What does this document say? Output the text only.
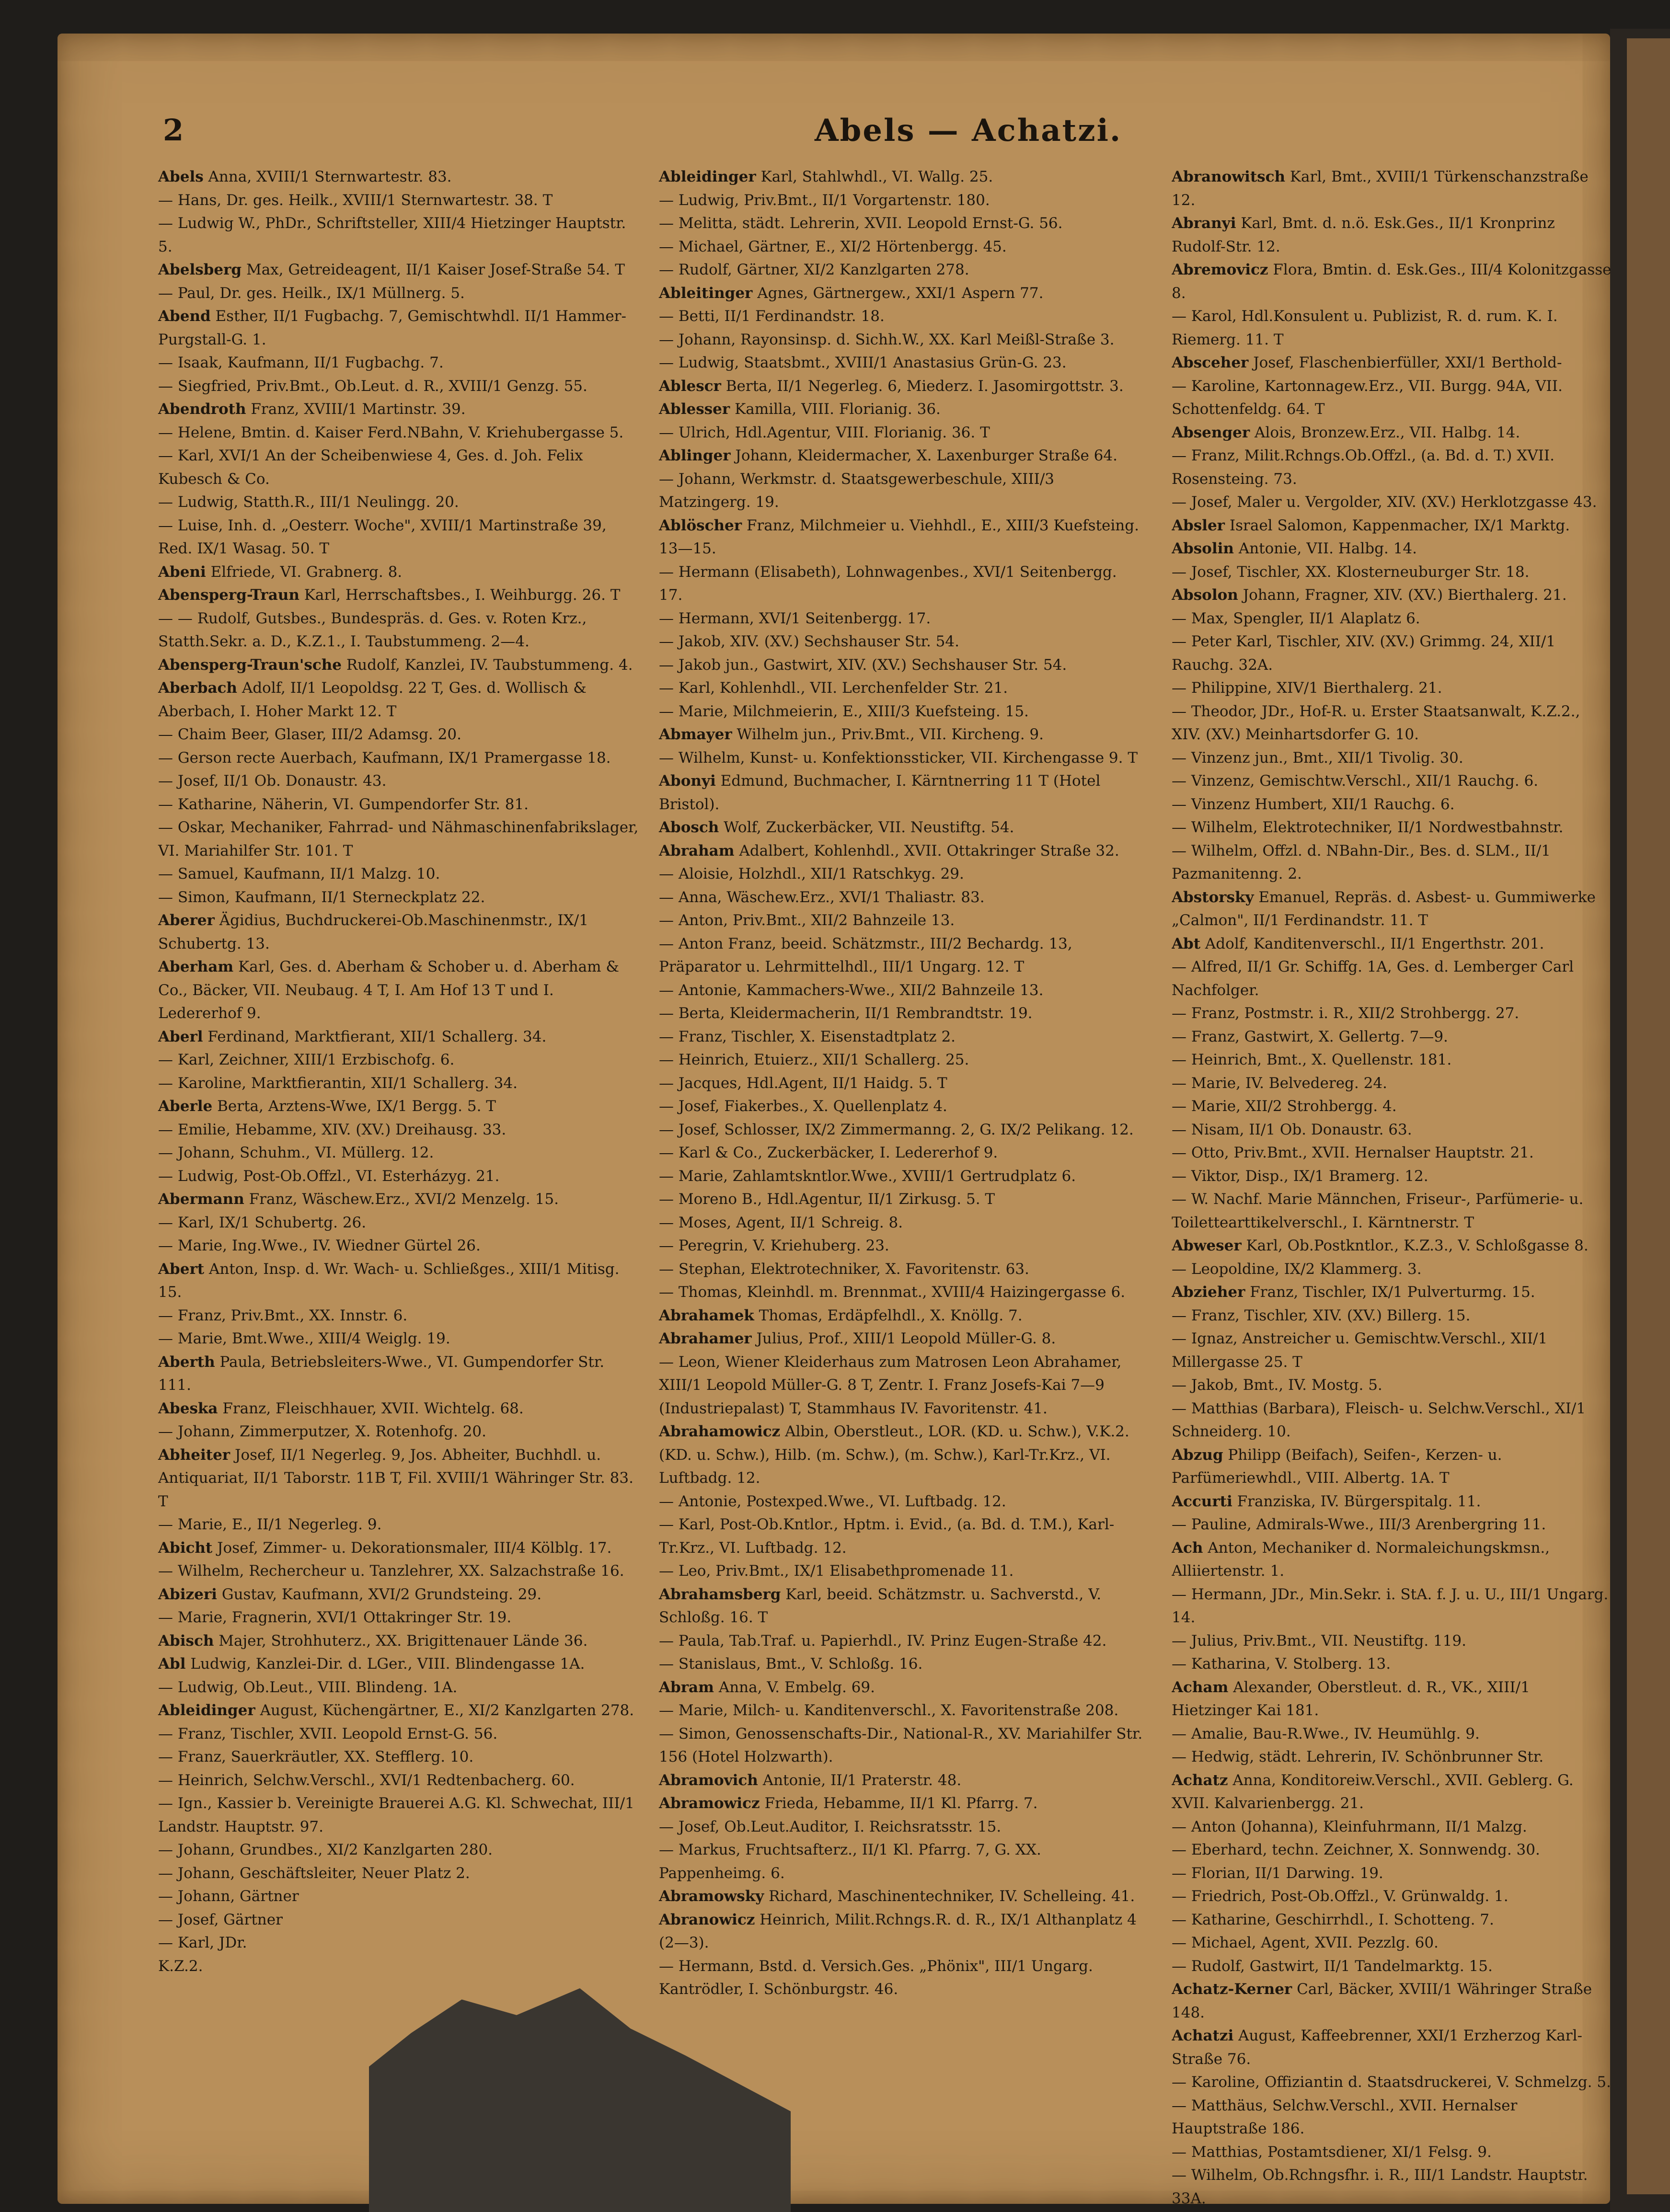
2	Abels — Achatzi.

Abels Anna, XVIII/1 Sternwartestr. 83.

— Hans, Dr. ges. Heilk., XVIII/1 Sternwartestr. 38. T

— Ludwig W., PhDr., Schriftsteller, XIII/4 Hietzinger Hauptstr. 5.

Abelsberg Max, Getreideagent, II/1 Kaiser Josef-Straße 54. T

— Paul, Dr. ges. Heilk., IX/1 Müllnerg. 5.

Abend Esther, II/1 Fugbachg. 7, Gemischtwhdl. II/1 Hammer-Purgstall-G. 1.

— Isaak, Kaufmann, II/1 Fugbachg. 7.

— Siegfried, Priv.Bmt., Ob.Leut. d. R., XVIII/1 Genzg. 55.

Abendroth Franz, XVIII/1 Martinstr. 39.

— Helene, Bmtin. d. Kaiser Ferd.NBahn, V. Kriehubergasse 5.

— Karl, XVI/1 An der Scheibenwiese 4, Ges. d. Joh. Felix Kubesch & Co.

— Ludwig, Statth.R., III/1 Neulingg. 20.

— Luise, Inh. d. „Oesterr. Woche", XVIII/1 Martinstraße 39, Red. IX/1 Wasag. 50. T

Abeni Elfriede, VI. Grabnerg. 8.

Abensperg-Traun Karl, Herrschaftsbes., I. Weihburgg. 26. T

— — Rudolf, Gutsbes., Bundespräs. d. Ges. v. Roten Krz., Statth.Sekr. a. D., K.Z.1., I. Taubstummeng. 2—4.

Abensperg-Traun'sche Rudolf, Kanzlei, IV. Taubstummeng. 4.

Aberbach Adolf, II/1 Leopoldsg. 22 T, Ges. d. Wollisch & Aberbach, I. Hoher Markt 12. T

— Chaim Beer, Glaser, III/2 Adamsg. 20.

— Gerson recte Auerbach, Kaufmann, IX/1 Pramergasse 18.

— Josef, II/1 Ob. Donaustr. 43.

— Katharine, Näherin, VI. Gumpendorfer Str. 81.

— Oskar, Mechaniker, Fahrrad- und Nähmaschinenfabrikslager, VI. Mariahilfer Str. 101. T

— Samuel, Kaufmann, II/1 Malzg. 10.

— Simon, Kaufmann, II/1 Sterneckplatz 22.

Aberer Ägidius, Buchdruckerei-Ob.Maschinenmstr., IX/1 Schubertg. 13.

Aberham Karl, Ges. d. Aberham & Schober u. d. Aberham & Co., Bäcker, VII. Neubaug. 4 T, I. Am Hof 13 T und I. Ledererhof 9.

Aberl Ferdinand, Marktfierant, XII/1 Schallerg. 34.

— Karl, Zeichner, XIII/1 Erzbischofg. 6.

— Karoline, Marktfierantin, XII/1 Schallerg. 34.

Aberle Berta, Arztens-Wwe, IX/1 Bergg. 5. T

— Emilie, Hebamme, XIV. (XV.) Dreihausg. 33.

— Johann, Schuhm., VI. Müllerg. 12.

— Ludwig, Post-Ob.Offzl., VI. Esterházyg. 21.

Abermann Franz, Wäschew.Erz., XVI/2 Menzelg. 15.

— Karl, IX/1 Schubertg. 26.

— Marie, Ing.Wwe., IV. Wiedner Gürtel 26.

Abert Anton, Insp. d. Wr. Wach- u. Schließges., XIII/1 Mitisg. 15.

— Franz, Priv.Bmt., XX. Innstr. 6.

— Marie, Bmt.Wwe., XIII/4 Weiglg. 19.

Aberth Paula, Betriebsleiters-Wwe., VI. Gumpendorfer Str. 111.

Abeska Franz, Fleischhauer, XVII. Wichtelg. 68.

— Johann, Zimmerputzer, X. Rotenhofg. 20.

Abheiter Josef, II/1 Negerleg. 9, Jos. Abheiter, Buchhdl. u. Antiquariat, II/1 Taborstr. 11B T, Fil. XVIII/1 Währinger Str. 83. T

— Marie, E., II/1 Negerleg. 9.

Abicht Josef, Zimmer- u. Dekorationsmaler, III/4 Kölblg. 17.

— Wilhelm, Rechercheur u. Tanzlehrer, XX. Salzachstraße 16.

Abizeri Gustav, Kaufmann, XVI/2 Grundsteing. 29.

— Marie, Fragnerin, XVI/1 Ottakringer Str. 19.

Abisch Majer, Strohhuterz., XX. Brigittenauer Lände 36.

Abl Ludwig, Kanzlei-Dir. d. LGer., VIII. Blindengasse 1A.

— Ludwig, Ob.Leut., VIII. Blindeng. 1A.

Ableidinger August, Küchengärtner, E., XI/2 Kanzlgarten 278.

— Franz, Tischler, XVII. Leopold Ernst-G. 56.

— Franz, Sauerkräutler, XX. Stefflerg. 10.

— Heinrich, Selchw.Verschl., XVI/1 Redtenbacherg. 60.

— Ign., Kassier b. Vereinigte Brauerei A.G. Kl. Schwechat, III/1 Landstr. Hauptstr. 97.

— Johann, Grundbes., XI/2 Kanzlgarten 280.

— Johann, Geschäftsleiter, Neuer Platz 2.

— Johann, Gärtner

— Josef, Gärtner

— Karl, JDr.

K.Z.2.

Ableidinger Karl, Stahlwhdl., VI. Wallg. 25.

— Ludwig, Priv.Bmt., II/1 Vorgartenstr. 180.

— Melitta, städt. Lehrerin, XVII. Leopold Ernst-G. 56.

— Michael, Gärtner, E., XI/2 Hörtenbergg. 45.

— Rudolf, Gärtner, XI/2 Kanzlgarten 278.

Ableitinger Agnes, Gärtnergew., XXI/1 Aspern 77.

— Betti, II/1 Ferdinandstr. 18.

— Johann, Rayonsinsp. d. Sichh.W., XX. Karl Meißl-Straße 3.

— Ludwig, Staatsbmt., XVIII/1 Anastasius Grün-G. 23.

Ablescr Berta, II/1 Negerleg. 6, Miederz. I. Jasomirgottstr. 3.

Ablesser Kamilla, VIII. Florianig. 36.

— Ulrich, Hdl.Agentur, VIII. Florianig. 36. T

Ablinger Johann, Kleidermacher, X. Laxenburger Straße 64.

— Johann, Werkmstr. d. Staatsgewerbeschule, XIII/3 Matzingerg. 19.

Ablöscher Franz, Milchmeier u. Viehhdl., E., XIII/3 Kuefsteing. 13—15.

— Hermann (Elisabeth), Lohnwagenbes., XVI/1 Seitenbergg. 17.

— Hermann, XVI/1 Seitenbergg. 17.

— Jakob, XIV. (XV.) Sechshauser Str. 54.

— Jakob jun., Gastwirt, XIV. (XV.) Sechshauser Str. 54.

— Karl, Kohlenhdl., VII. Lerchenfelder Str. 21.

— Marie, Milchmeierin, E., XIII/3 Kuefsteing. 15.

Abmayer Wilhelm jun., Priv.Bmt., VII. Kircheng. 9.

— Wilhelm, Kunst- u. Konfektionssticker, VII. Kirchengasse 9. T

Abonyi Edmund, Buchmacher, I. Kärntnerring 11 T (Hotel Bristol).

Abosch Wolf, Zuckerbäcker, VII. Neustiftg. 54.

Abraham Adalbert, Kohlenhdl., XVII. Ottakringer Straße 32.

— Aloisie, Holzhdl., XII/1 Ratschkyg. 29.

— Anna, Wäschew.Erz., XVI/1 Thaliastr. 83.

— Anton, Priv.Bmt., XII/2 Bahnzeile 13.

— Anton Franz, beeid. Schätzmstr., III/2 Bechardg. 13, Präparator u. Lehrmittelhdl., III/1 Ungarg. 12. T

— Antonie, Kammachers-Wwe., XII/2 Bahnzeile 13.

— Berta, Kleidermacherin, II/1 Rembrandtstr. 19.

— Franz, Tischler, X. Eisenstadtplatz 2.

— Heinrich, Etuierz., XII/1 Schallerg. 25.

— Jacques, Hdl.Agent, II/1 Haidg. 5. T

— Josef, Fiakerbes., X. Quellenplatz 4.

— Josef, Schlosser, IX/2 Zimmermanng. 2, G. IX/2 Pelikang. 12.

— Karl & Co., Zuckerbäcker, I. Ledererhof 9.

— Marie, Zahlamtskntlor.Wwe., XVIII/1 Gertrudplatz 6.

— Moreno B., Hdl.Agentur, II/1 Zirkusg. 5. T

— Moses, Agent, II/1 Schreig. 8.

— Peregrin, V. Kriehuberg. 23.

— Stephan, Elektrotechniker, X. Favoritenstr. 63.

— Thomas, Kleinhdl. m. Brennmat., XVIII/4 Haizingergasse 6.

Abrahamek Thomas, Erdäpfelhdl., X. Knöllg. 7.

Abrahamer Julius, Prof., XIII/1 Leopold Müller-G. 8.

— Leon, Wiener Kleiderhaus zum Matrosen Leon Abrahamer, XIII/1 Leopold Müller-G. 8 T, Zentr. I. Franz Josefs-Kai 7—9 (Industriepalast) T, Stammhaus IV. Favoritenstr. 41.

Abrahamowicz Albin, Oberstleut., LOR. (KD. u. Schw.), V.K.2. (KD. u. Schw.), Hilb. (m. Schw.), (m. Schw.), Karl-Tr.Krz., VI. Luftbadg. 12.

— Antonie, Postexped.Wwe., VI. Luftbadg. 12.

— Karl, Post-Ob.Kntlor., Hptm. i. Evid., (a. Bd. d. T.M.), Karl-Tr.Krz., VI. Luftbadg. 12.

— Leo, Priv.Bmt., IX/1 Elisabethpromenade 11.

Abrahamsberg Karl, beeid. Schätzmstr. u. Sachverstd., V. Schloßg. 16. T

— Paula, Tab.Traf. u. Papierhdl., IV. Prinz Eugen-Straße 42.

— Stanislaus, Bmt., V. Schloßg. 16.

Abram Anna, V. Embelg. 69.

— Marie, Milch- u. Kanditenverschl., X. Favoritenstraße 208.

— Simon, Genossenschafts-Dir., National-R., XV. Mariahilfer Str. 156 (Hotel Holzwarth).

Abramovich Antonie, II/1 Praterstr. 48.

Abramowicz Frieda, Hebamme, II/1 Kl. Pfarrg. 7.

— Josef, Ob.Leut.Auditor, I. Reichsratsstr. 15.

— Markus, Fruchtsafterz., II/1 Kl. Pfarrg. 7, G. XX. Pappenheimg. 6.

Abramowsky Richard, Maschinentechniker, IV. Schelleing. 41.

Abranowicz Heinrich, Milit.Rchngs.R. d. R., IX/1 Althanplatz 4 (2—3).

— Hermann, Bstd. d. Versich.Ges. „Phönix", III/1 Ungarg.

Kantrödler, I. Schönburgstr. 46.

Abranowitsch Karl, Bmt., XVIII/1 Türkenschanzstraße 12.

Abranyi Karl, Bmt. d. n.ö. Esk.Ges., II/1 Kronprinz Rudolf-Str. 12.

Abremovicz Flora, Bmtin. d. Esk.Ges., III/4 Kolonitzgasse 8.

— Karol, Hdl.Konsulent u. Publizist, R. d. rum. K. I. Riemerg. 11. T

Absceher Josef, Flaschenbierfüller, XXI/1 Berthold-

— Karoline, Kartonnagew.Erz., VII. Burgg. 94A, VII. Schottenfeldg. 64. T

Absenger Alois, Bronzew.Erz., VII. Halbg. 14.

— Franz, Milit.Rchngs.Ob.Offzl., (a. Bd. d. T.) XVII. Rosensteing. 73.

— Josef, Maler u. Vergolder, XIV. (XV.) Herklotzgasse 43.

Absler Israel Salomon, Kappenmacher, IX/1 Marktg.

Absolin Antonie, VII. Halbg. 14.

— Josef, Tischler, XX. Klosterneuburger Str. 18.

Absolon Johann, Fragner, XIV. (XV.) Bierthalerg. 21.

— Max, Spengler, II/1 Alaplatz 6.

— Peter Karl, Tischler, XIV. (XV.) Grimmg. 24, XII/1 Rauchg. 32A.

— Philippine, XIV/1 Bierthalerg. 21.

— Theodor, JDr., Hof-R. u. Erster Staatsanwalt, K.Z.2., XIV. (XV.) Meinhartsdorfer G. 10.

— Vinzenz jun., Bmt., XII/1 Tivolig. 30.

— Vinzenz, Gemischtw.Verschl., XII/1 Rauchg. 6.

— Vinzenz Humbert, XII/1 Rauchg. 6.

— Wilhelm, Elektrotechniker, II/1 Nordwestbahnstr.

— Wilhelm, Offzl. d. NBahn-Dir., Bes. d. SLM., II/1 Pazmanitenng. 2.

Abstorsky Emanuel, Repräs. d. Asbest- u. Gummiwerke „Calmon", II/1 Ferdinandstr. 11. T

Abt Adolf, Kanditenverschl., II/1 Engerthstr. 201.

— Alfred, II/1 Gr. Schiffg. 1A, Ges. d. Lemberger Carl Nachfolger.

— Franz, Postmstr. i. R., XII/2 Strohbergg. 27.

— Franz, Gastwirt, X. Gellertg. 7—9.

— Heinrich, Bmt., X. Quellenstr. 181.

— Marie, IV. Belvedereg. 24.

— Marie, XII/2 Strohbergg. 4.

— Nisam, II/1 Ob. Donaustr. 63.

— Otto, Priv.Bmt., XVII. Hernalser Hauptstr. 21.

— Viktor, Disp., IX/1 Bramerg. 12.

— W. Nachf. Marie Männchen, Friseur-, Parfümerie- u. Toilettearttikelverschl., I. Kärntnerstr. T

Abweser Karl, Ob.Postkntlor., K.Z.3., V. Schloßgasse 8.

— Leopoldine, IX/2 Klammerg. 3.

Abzieher Franz, Tischler, IX/1 Pulverturmg. 15.

— Franz, Tischler, XIV. (XV.) Billerg. 15.

— Ignaz, Anstreicher u. Gemischtw.Verschl., XII/1 Millergasse 25. T

— Jakob, Bmt., IV. Mostg. 5.

— Matthias (Barbara), Fleisch- u. Selchw.Verschl., XI/1 Schneiderg. 10.

Abzug Philipp (Beifach), Seifen-, Kerzen- u. Parfümeriewhdl., VIII. Albertg. 1A. T

Accurti Franziska, IV. Bürgerspitalg. 11.

— Pauline, Admirals-Wwe., III/3 Arenbergring 11.

Ach Anton, Mechaniker d. Normaleichungskmsn., Alliiertenstr. 1.

— Hermann, JDr., Min.Sekr. i. StA. f. J. u. U., III/1 Ungarg. 14.

— Julius, Priv.Bmt., VII. Neustiftg. 119.

— Katharina, V. Stolberg. 13.

Acham Alexander, Oberstleut. d. R., VK., XIII/1 Hietzinger Kai 181.

— Amalie, Bau-R.Wwe., IV. Heumühlg. 9.

— Hedwig, städt. Lehrerin, IV. Schönbrunner Str.

Achatz Anna, Konditoreiw.Verschl., XVII. Geblerg. G. XVII. Kalvarienbergg. 21.

— Anton (Johanna), Kleinfuhrmann, II/1 Malzg.

— Eberhard, techn. Zeichner, X. Sonnwendg. 30.

— Florian, II/1 Darwing. 19.

— Friedrich, Post-Ob.Offzl., V. Grünwaldg. 1.

— Katharine, Geschirrhdl., I. Schotteng. 7.

— Michael, Agent, XVII. Pezzlg. 60.

— Rudolf, Gastwirt, II/1 Tandelmarktg. 15.

Achatz-Kerner Carl, Bäcker, XVIII/1 Währinger Straße 148.

Achatzi August, Kaffeebrenner, XXI/1 Erzherzog Karl-Straße 76.

— Karoline, Offiziantin d. Staatsdruckerei, V. Schmelzg. 5.

— Matthäus, Selchw.Verschl., XVII. Hernalser Hauptstraße 186.

— Matthias, Postamtsdiener, XI/1 Felsg. 9.

— Wilhelm, Ob.Rchngsfhr. i. R., III/1 Landstr. Hauptstr. 33A.
